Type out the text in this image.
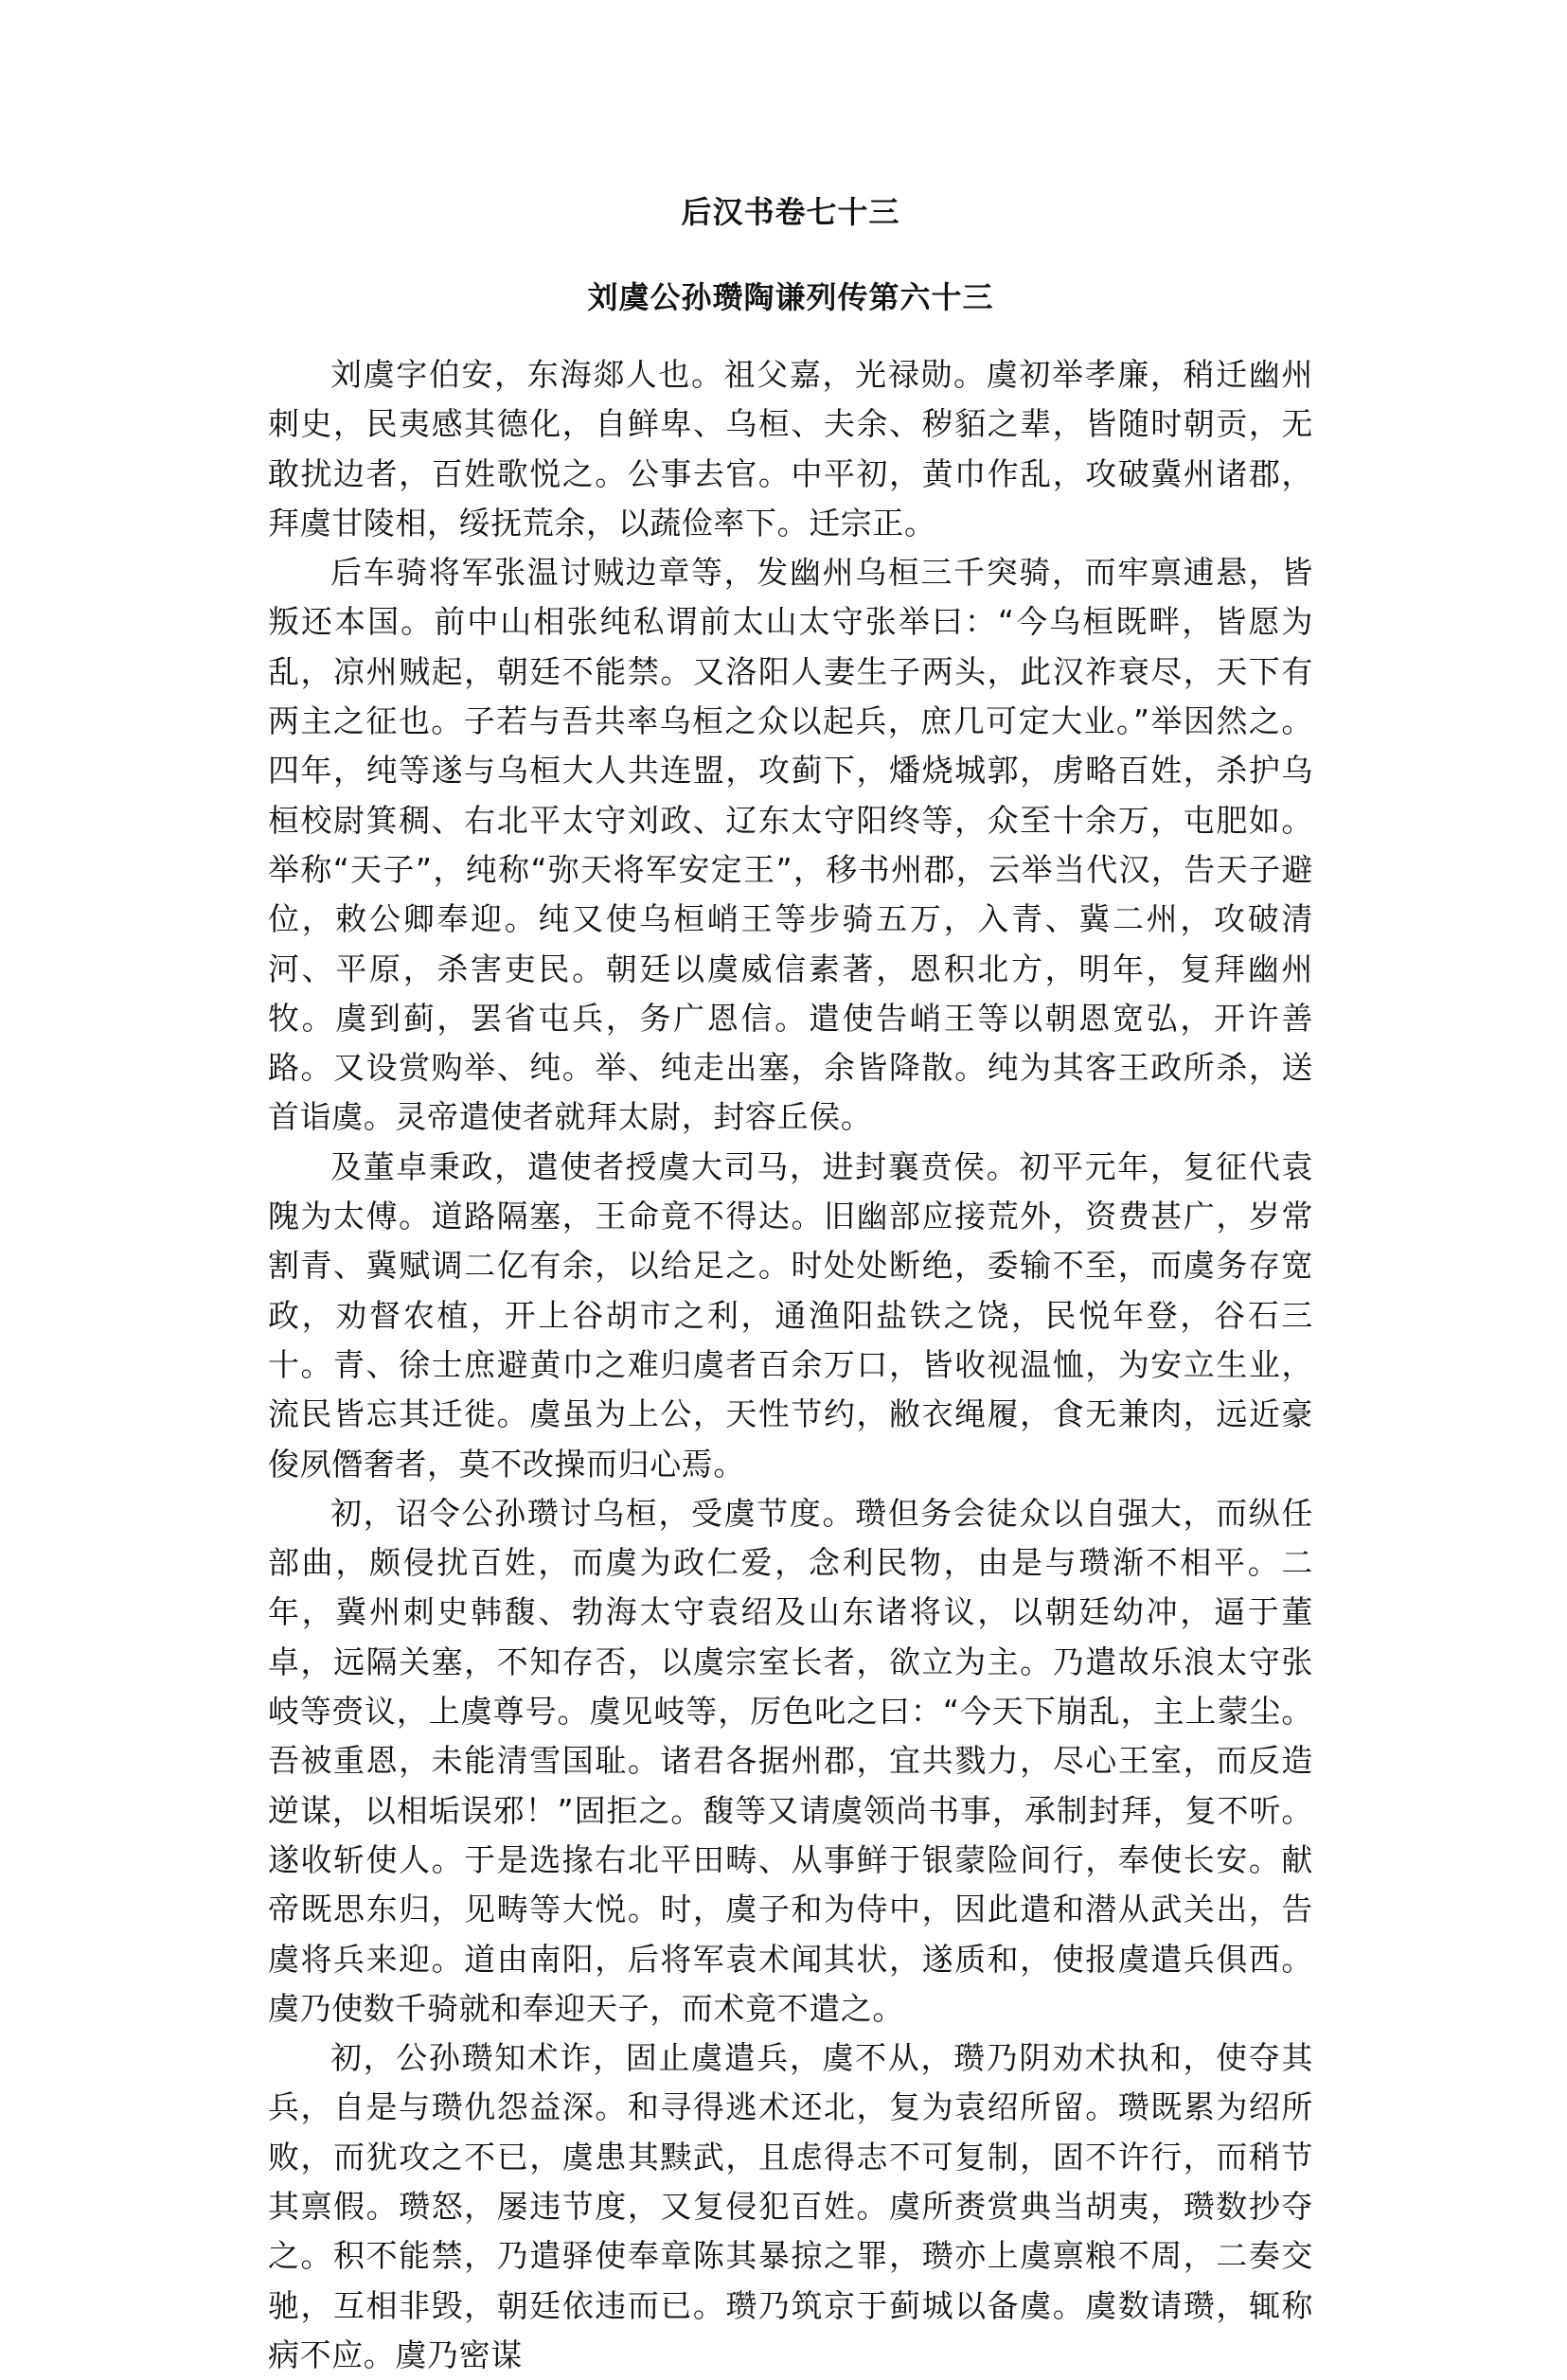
后汉书卷七十三
刘虞公孙瓒陶谦列传第六十三

刘虞字伯安，东海郯人也。祖父嘉，光禄勋。虞初举孝廉，稍迁幽州刺史，民夷感其德化，自鲜卑、乌桓、夫余、秽貊之辈，皆随时朝贡，无敢扰边者，百姓歌悦之。公事去官。中平初，黄巾作乱，攻破冀州诸郡，拜虞甘陵相，绥抚荒余，以蔬俭率下。迁宗正。

后车骑将军张温讨贼边章等，发幽州乌桓三千突骑，而牢禀逋悬，皆叛还本国。前中山相张纯私谓前太山太守张举曰：“今乌桓既畔，皆愿为乱，凉州贼起，朝廷不能禁。又洛阳人妻生子两头，此汉祚衰尽，天下有两主之征也。子若与吾共率乌桓之众以起兵，庶几可定大业。”举因然之。四年，纯等遂与乌桓大人共连盟，攻蓟下，燔烧城郭，虏略百姓，杀护乌桓校尉箕稠、右北平太守刘政、辽东太守阳终等，众至十余万，屯肥如。举称“天子”，纯称“弥天将军安定王”，移书州郡，云举当代汉，告天子避位，敕公卿奉迎。纯又使乌桓峭王等步骑五万，入青、冀二州，攻破清河、平原，杀害吏民。朝廷以虞威信素著，恩积北方，明年，复拜幽州牧。虞到蓟，罢省屯兵，务广恩信。遣使告峭王等以朝恩宽弘，开许善路。又设赏购举、纯。举、纯走出塞，余皆降散。纯为其客王政所杀，送首诣虞。灵帝遣使者就拜太尉，封容丘侯。

及董卓秉政，遣使者授虞大司马，进封襄贲侯。初平元年，复征代袁隗为太傅。道路隔塞，王命竟不得达。旧幽部应接荒外，资费甚广，岁常割青、冀赋调二亿有余，以给足之。时处处断绝，委输不至，而虞务存宽政，劝督农植，开上谷胡市之利，通渔阳盐铁之饶，民悦年登，谷石三十。青、徐士庶避黄巾之难归虞者百余万口，皆收视温恤，为安立生业，流民皆忘其迁徙。虞虽为上公，天性节约，敝衣绳履，食无兼肉，远近豪俊夙僭奢者，莫不改操而归心焉。

初，诏令公孙瓒讨乌桓，受虞节度。瓒但务会徒众以自强大，而纵任部曲，颇侵扰百姓，而虞为政仁爱，念利民物，由是与瓒渐不相平。二年，冀州刺史韩馥、勃海太守袁绍及山东诸将议，以朝廷幼冲，逼于董卓，远隔关塞，不知存否，以虞宗室长者，欲立为主。乃遣故乐浪太守张岐等赍议，上虞尊号。虞见岐等，厉色叱之曰：“今天下崩乱，主上蒙尘。吾被重恩，未能清雪国耻。诸君各据州郡，宜共戮力，尽心王室，而反造逆谋，以相垢误邪！”固拒之。馥等又请虞领尚书事，承制封拜，复不听。遂收斩使人。于是选掾右北平田畴、从事鲜于银蒙险间行，奉使长安。献帝既思东归，见畴等大悦。时，虞子和为侍中，因此遣和潜从武关出，告虞将兵来迎。道由南阳，后将军袁术闻其状，遂质和，使报虞遣兵俱西。虞乃使数千骑就和奉迎天子，而术竟不遣之。

初，公孙瓒知术诈，固止虞遣兵，虞不从，瓒乃阴劝术执和，使夺其兵，自是与瓒仇怨益深。和寻得逃术还北，复为袁绍所留。瓒既累为绍所败，而犹攻之不已，虞患其黩武，且虑得志不可复制，固不许行，而稍节其禀假。瓒怒，屡违节度，又复侵犯百姓。虞所赉赏典当胡夷，瓒数抄夺之。积不能禁，乃遣驿使奉章陈其暴掠之罪，瓒亦上虞禀粮不周，二奏交驰，互相非毁，朝廷依违而已。瓒乃筑京于蓟城以备虞。虞数请瓒，辄称病不应。虞乃密谋
